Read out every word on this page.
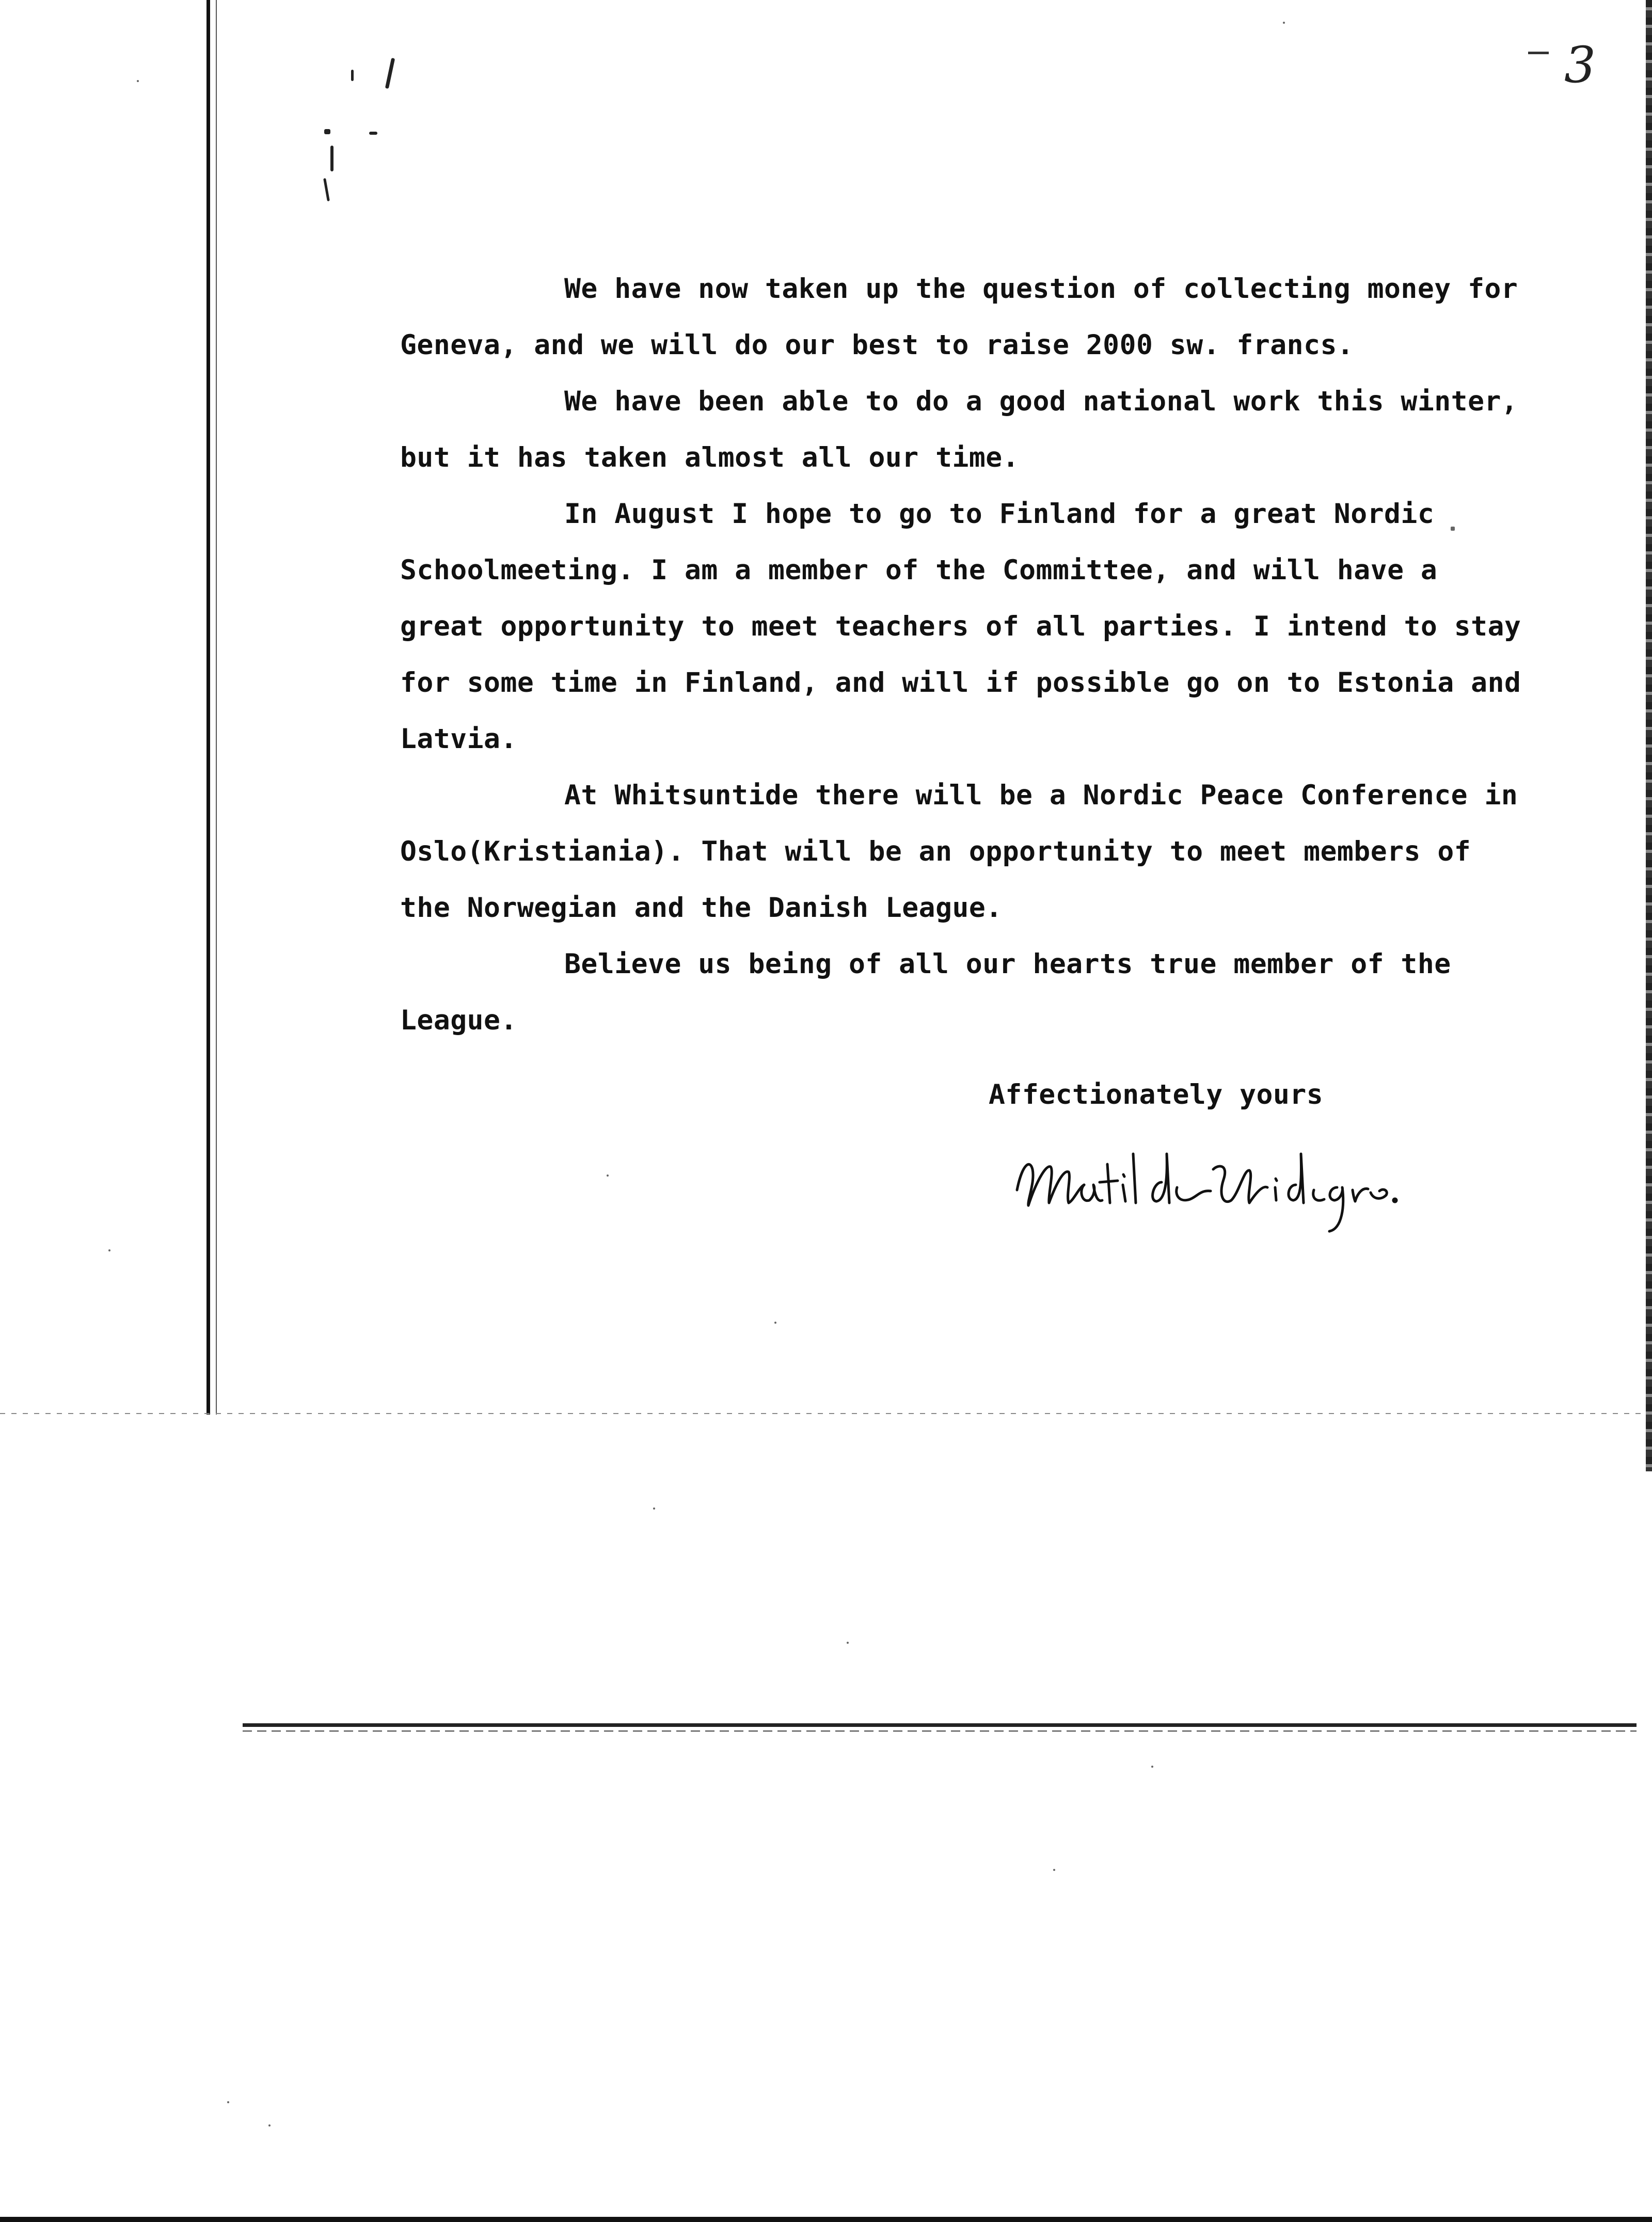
3

We have now taken up the question of collecting money for Geneva, and we will do our best to raise 2000 sw. francs.

We have been able to do a good national work this winter, but it has taken almost all our time.

In August I hope to go to Finland for a great Nordic Schoolmeeting. I am a member of the Committee, and will have a great opportunity to meet teachers of all parties. I intend to stay for some time in Finland, and will if possible go on to Estonia and Latvia.

At Whitsuntide there will be a Nordic Peace Conference in Oslo(Kristiania). That will be an opportunity to meet members of the Norwegian and the Danish League.

Believe us being of all our hearts true member of the League.

Affectionately yours
